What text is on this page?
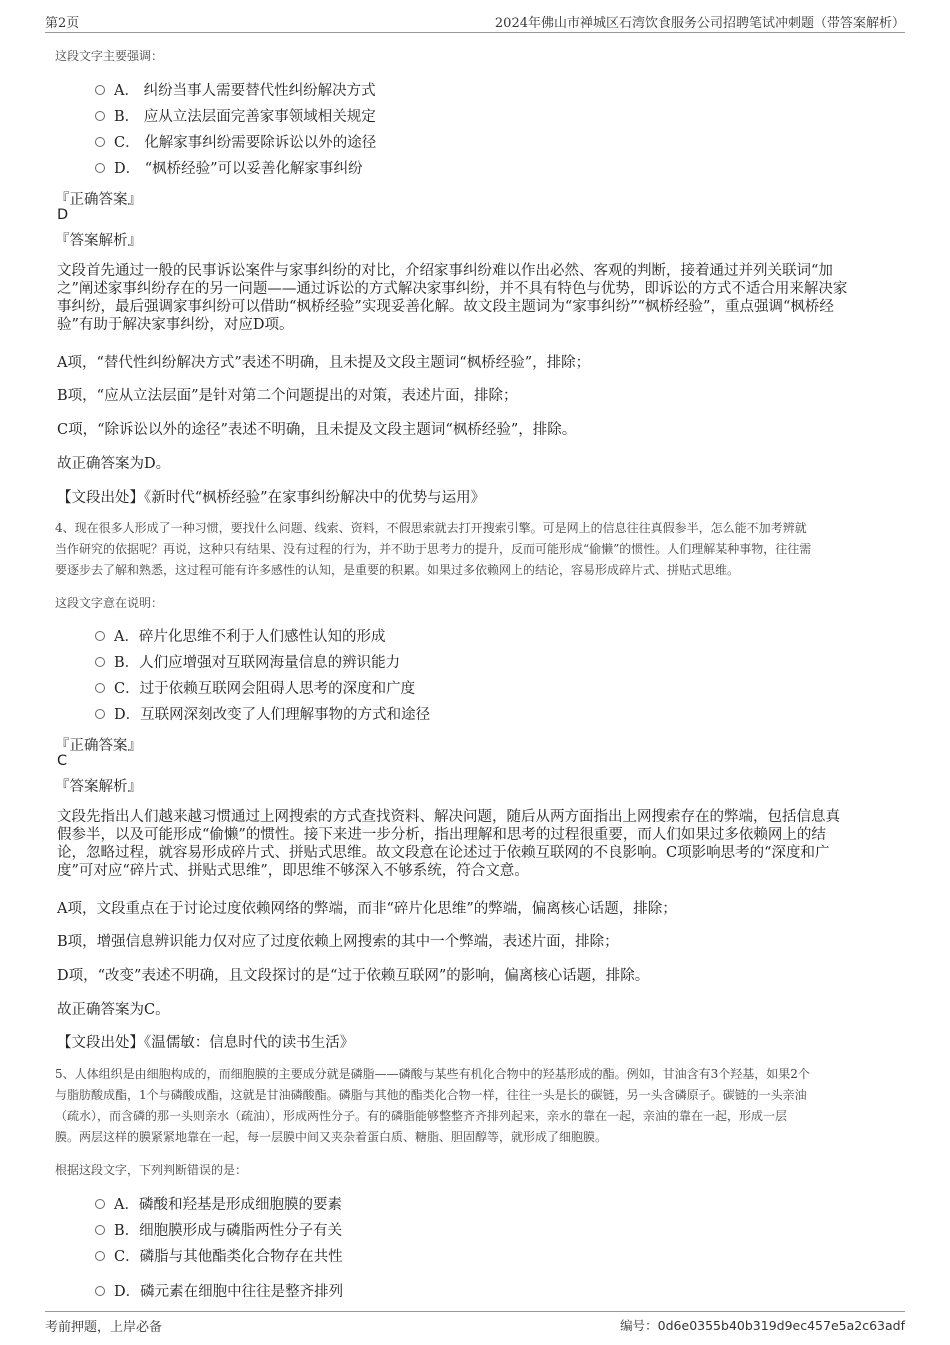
第2页	2024年佛山市禅城区石湾饮食服务公司招聘笔试冲刺题（带答案解析）
这段文字主要强调：
A． 纠纷当事人需要替代性纠纷解决方式
B． 应从立法层面完善家事领域相关规定
C． 化解家事纠纷需要除诉讼以外的途径
D． “枫桥经验”可以妥善化解家事纠纷
『正确答案』
D
『答案解析』
文段首先通过一般的民事诉讼案件与家事纠纷的对比，介绍家事纠纷难以作出必然、客观的判断，接着通过并列关联词“加
之”阐述家事纠纷存在的另一问题——通过诉讼的方式解决家事纠纷，并不具有特色与优势，即诉讼的方式不适合用来解决家
事纠纷，最后强调家事纠纷可以借助“枫桥经验”实现妥善化解。故文段主题词为“家事纠纷”“枫桥经验”，重点强调“枫桥经
验”有助于解决家事纠纷，对应D项。
A项，“替代性纠纷解决方式”表述不明确，且未提及文段主题词“枫桥经验”，排除；
B项，“应从立法层面”是针对第二个问题提出的对策，表述片面，排除；
C项，“除诉讼以外的途径”表述不明确，且未提及文段主题词“枫桥经验”，排除。
故正确答案为D。
【文段出处】《新时代“枫桥经验”在家事纠纷解决中的优势与运用》
4、现在很多人形成了一种习惯，要找什么问题、线索、资料，不假思索就去打开搜索引擎。可是网上的信息往往真假参半，怎么能不加考辨就
当作研究的依据呢？再说，这种只有结果、没有过程的行为，并不助于思考力的提升，反而可能形成“偷懒”的惯性。人们理解某种事物，往往需
要逐步去了解和熟悉，这过程可能有许多感性的认知，是重要的积累。如果过多依赖网上的结论，容易形成碎片式、拼贴式思维。
这段文字意在说明：
A．碎片化思维不利于人们感性认知的形成
B．人们应增强对互联网海量信息的辨识能力
C．过于依赖互联网会阻碍人思考的深度和广度
D．互联网深刻改变了人们理解事物的方式和途径
『正确答案』
C
『答案解析』
文段先指出人们越来越习惯通过上网搜索的方式查找资料、解决问题，随后从两方面指出上网搜索存在的弊端，包括信息真
假参半，以及可能形成“偷懒”的惯性。接下来进一步分析，指出理解和思考的过程很重要，而人们如果过多依赖网上的结
论，忽略过程，就容易形成碎片式、拼贴式思维。故文段意在论述过于依赖互联网的不良影响。C项影响思考的“深度和广
度”可对应“碎片式、拼贴式思维”，即思维不够深入不够系统，符合文意。
A项，文段重点在于讨论过度依赖网络的弊端，而非“碎片化思维”的弊端，偏离核心话题，排除；
B项，增强信息辨识能力仅对应了过度依赖上网搜索的其中一个弊端，表述片面，排除；
D项，“改变”表述不明确，且文段探讨的是“过于依赖互联网”的影响，偏离核心话题，排除。
故正确答案为C。
【文段出处】《温儒敏：信息时代的读书生活》
5、人体组织是由细胞构成的，而细胞膜的主要成分就是磷脂——磷酸与某些有机化合物中的羟基形成的酯。例如，甘油含有3个羟基，如果2个
与脂肪酸成酯，1个与磷酸成酯，这就是甘油磷酸酯。磷脂与其他的酯类化合物一样，往往一头是长的碳链，另一头含磷原子。碳链的一头亲油
（疏水），而含磷的那一头则亲水（疏油），形成两性分子。有的磷脂能够整整齐齐排列起来，亲水的靠在一起，亲油的靠在一起，形成一层
膜。两层这样的膜紧紧地靠在一起，每一层膜中间又夹杂着蛋白质、糖脂、胆固醇等，就形成了细胞膜。
根据这段文字，下列判断错误的是：
A．磷酸和羟基是形成细胞膜的要素
B．细胞膜形成与磷脂两性分子有关
C．磷脂与其他酯类化合物存在共性
D．磷元素在细胞中往往是整齐排列
考前押题，上岸必备	编号：0d6e0355b40b319d9ec457e5a2c63adf
